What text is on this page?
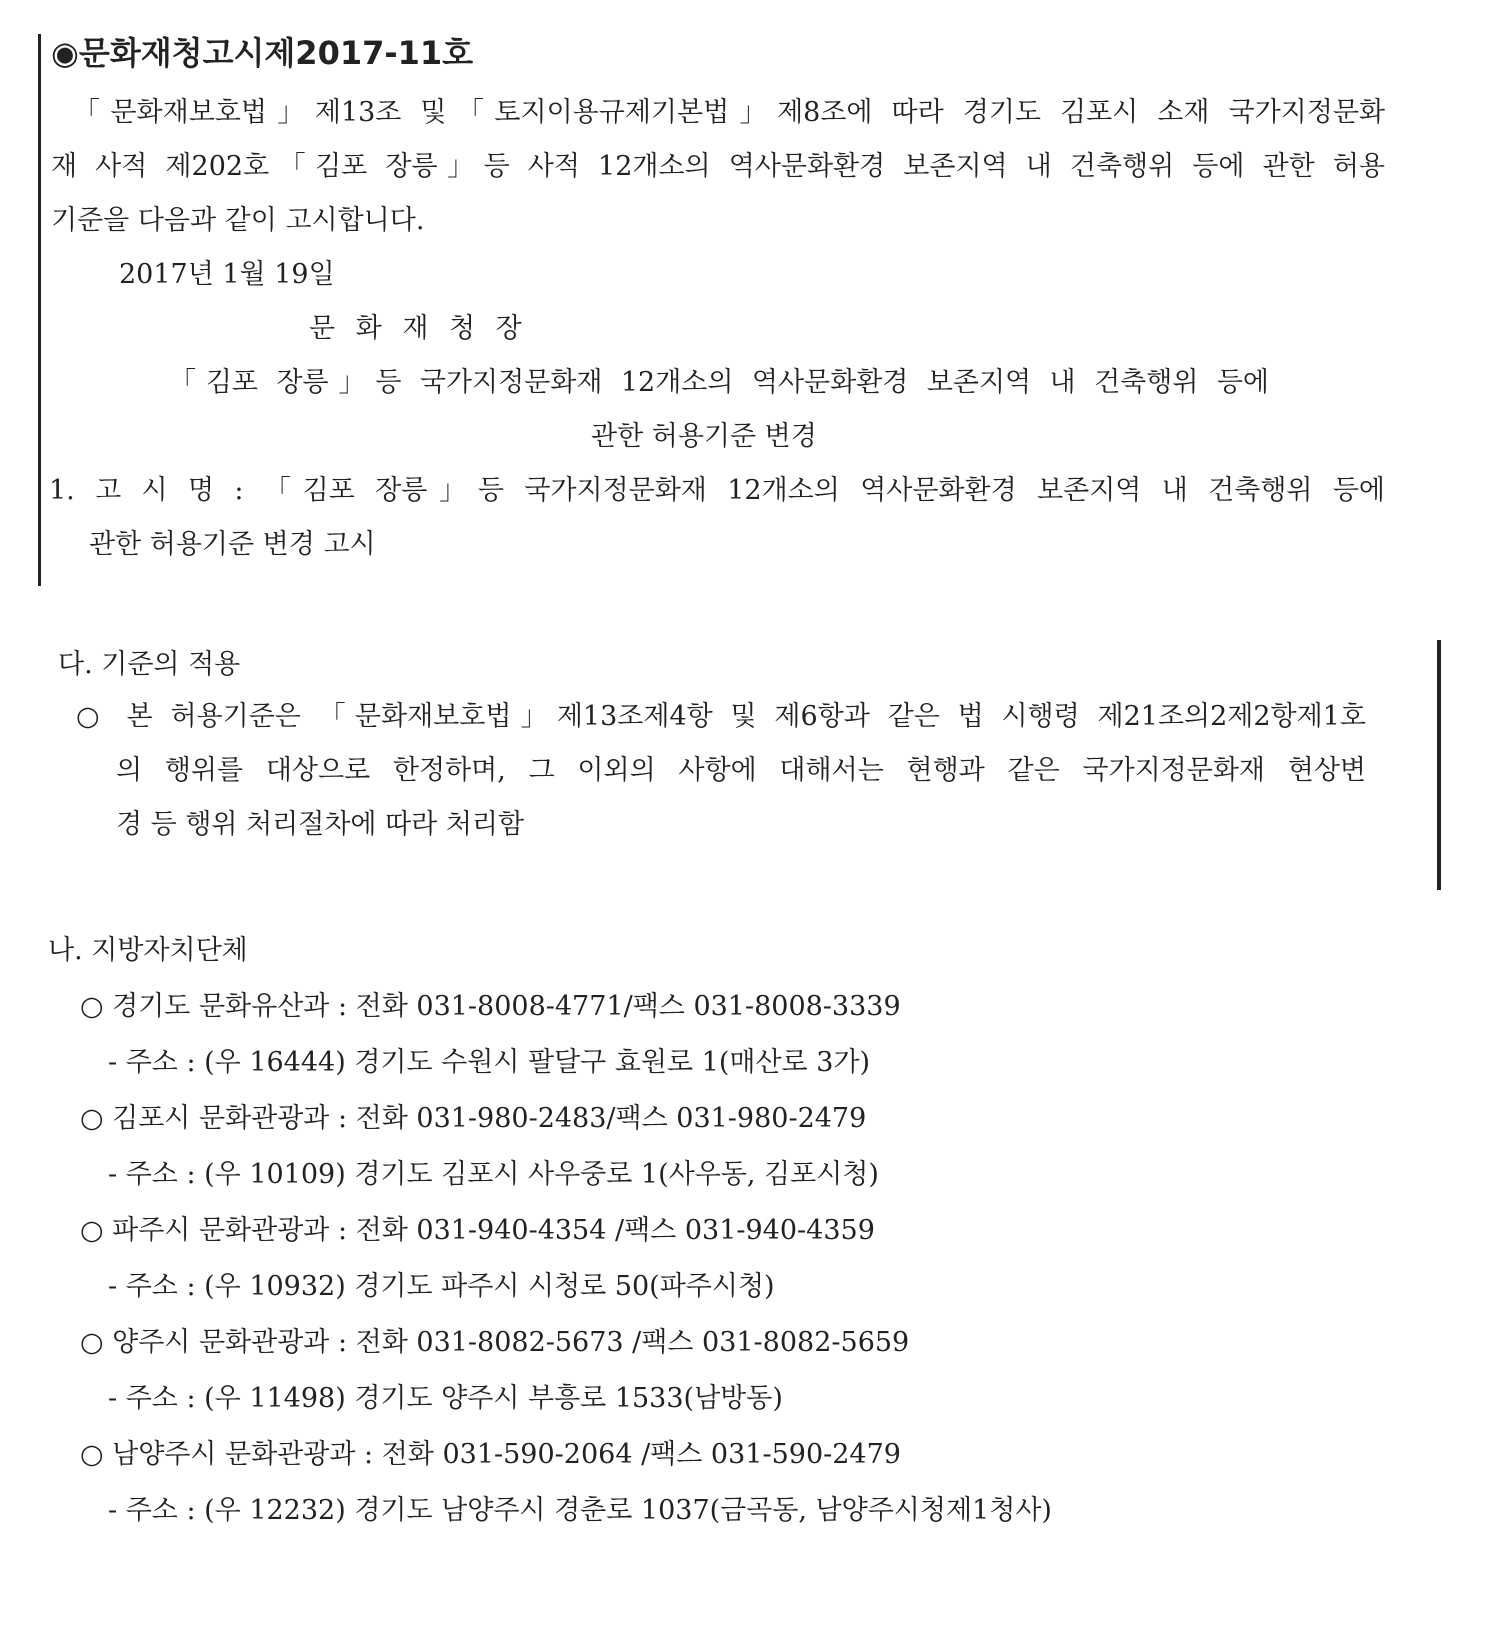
◉문화재청고시제2017-11호
「문화재보호법」제13조 및「토지이용규제기본법」제8조에 따라 경기도 김포시 소재 국가지정문화
재 사적 제202호「김포 장릉」등 사적 12개소의 역사문화환경 보존지역 내 건축행위 등에 관한 허용
기준을 다음과 같이 고시합니다.
2017년 1월 19일
문 화 재 청 장
「김포 장릉」등 국가지정문화재 12개소의 역사문화환경 보존지역 내 건축행위 등에
관한 허용기준 변경
1. 고 시 명 : 「김포 장릉」등 국가지정문화재 12개소의 역사문화환경 보존지역 내 건축행위 등에
관한 허용기준 변경 고시
다. 기준의 적용
○ 본 허용기준은 「문화재보호법」제13조제4항 및 제6항과 같은 법 시행령 제21조의2제2항제1호
의 행위를 대상으로 한정하며, 그 이외의 사항에 대해서는 현행과 같은 국가지정문화재 현상변
경 등 행위 처리절차에 따라 처리함
나. 지방자치단체
○ 경기도 문화유산과 : 전화 031-8008-4771/팩스 031-8008-3339
- 주소 : (우 16444) 경기도 수원시 팔달구 효원로 1(매산로 3가)
○ 김포시 문화관광과 : 전화 031-980-2483/팩스 031-980-2479
- 주소 : (우 10109) 경기도 김포시 사우중로 1(사우동, 김포시청)
○ 파주시 문화관광과 : 전화 031-940-4354 /팩스 031-940-4359
- 주소 : (우 10932) 경기도 파주시 시청로 50(파주시청)
○ 양주시 문화관광과 : 전화 031-8082-5673 /팩스 031-8082-5659
- 주소 : (우 11498) 경기도 양주시 부흥로 1533(남방동)
○ 남양주시 문화관광과 : 전화 031-590-2064 /팩스 031-590-2479
- 주소 : (우 12232) 경기도 남양주시 경춘로 1037(금곡동, 남양주시청제1청사)
